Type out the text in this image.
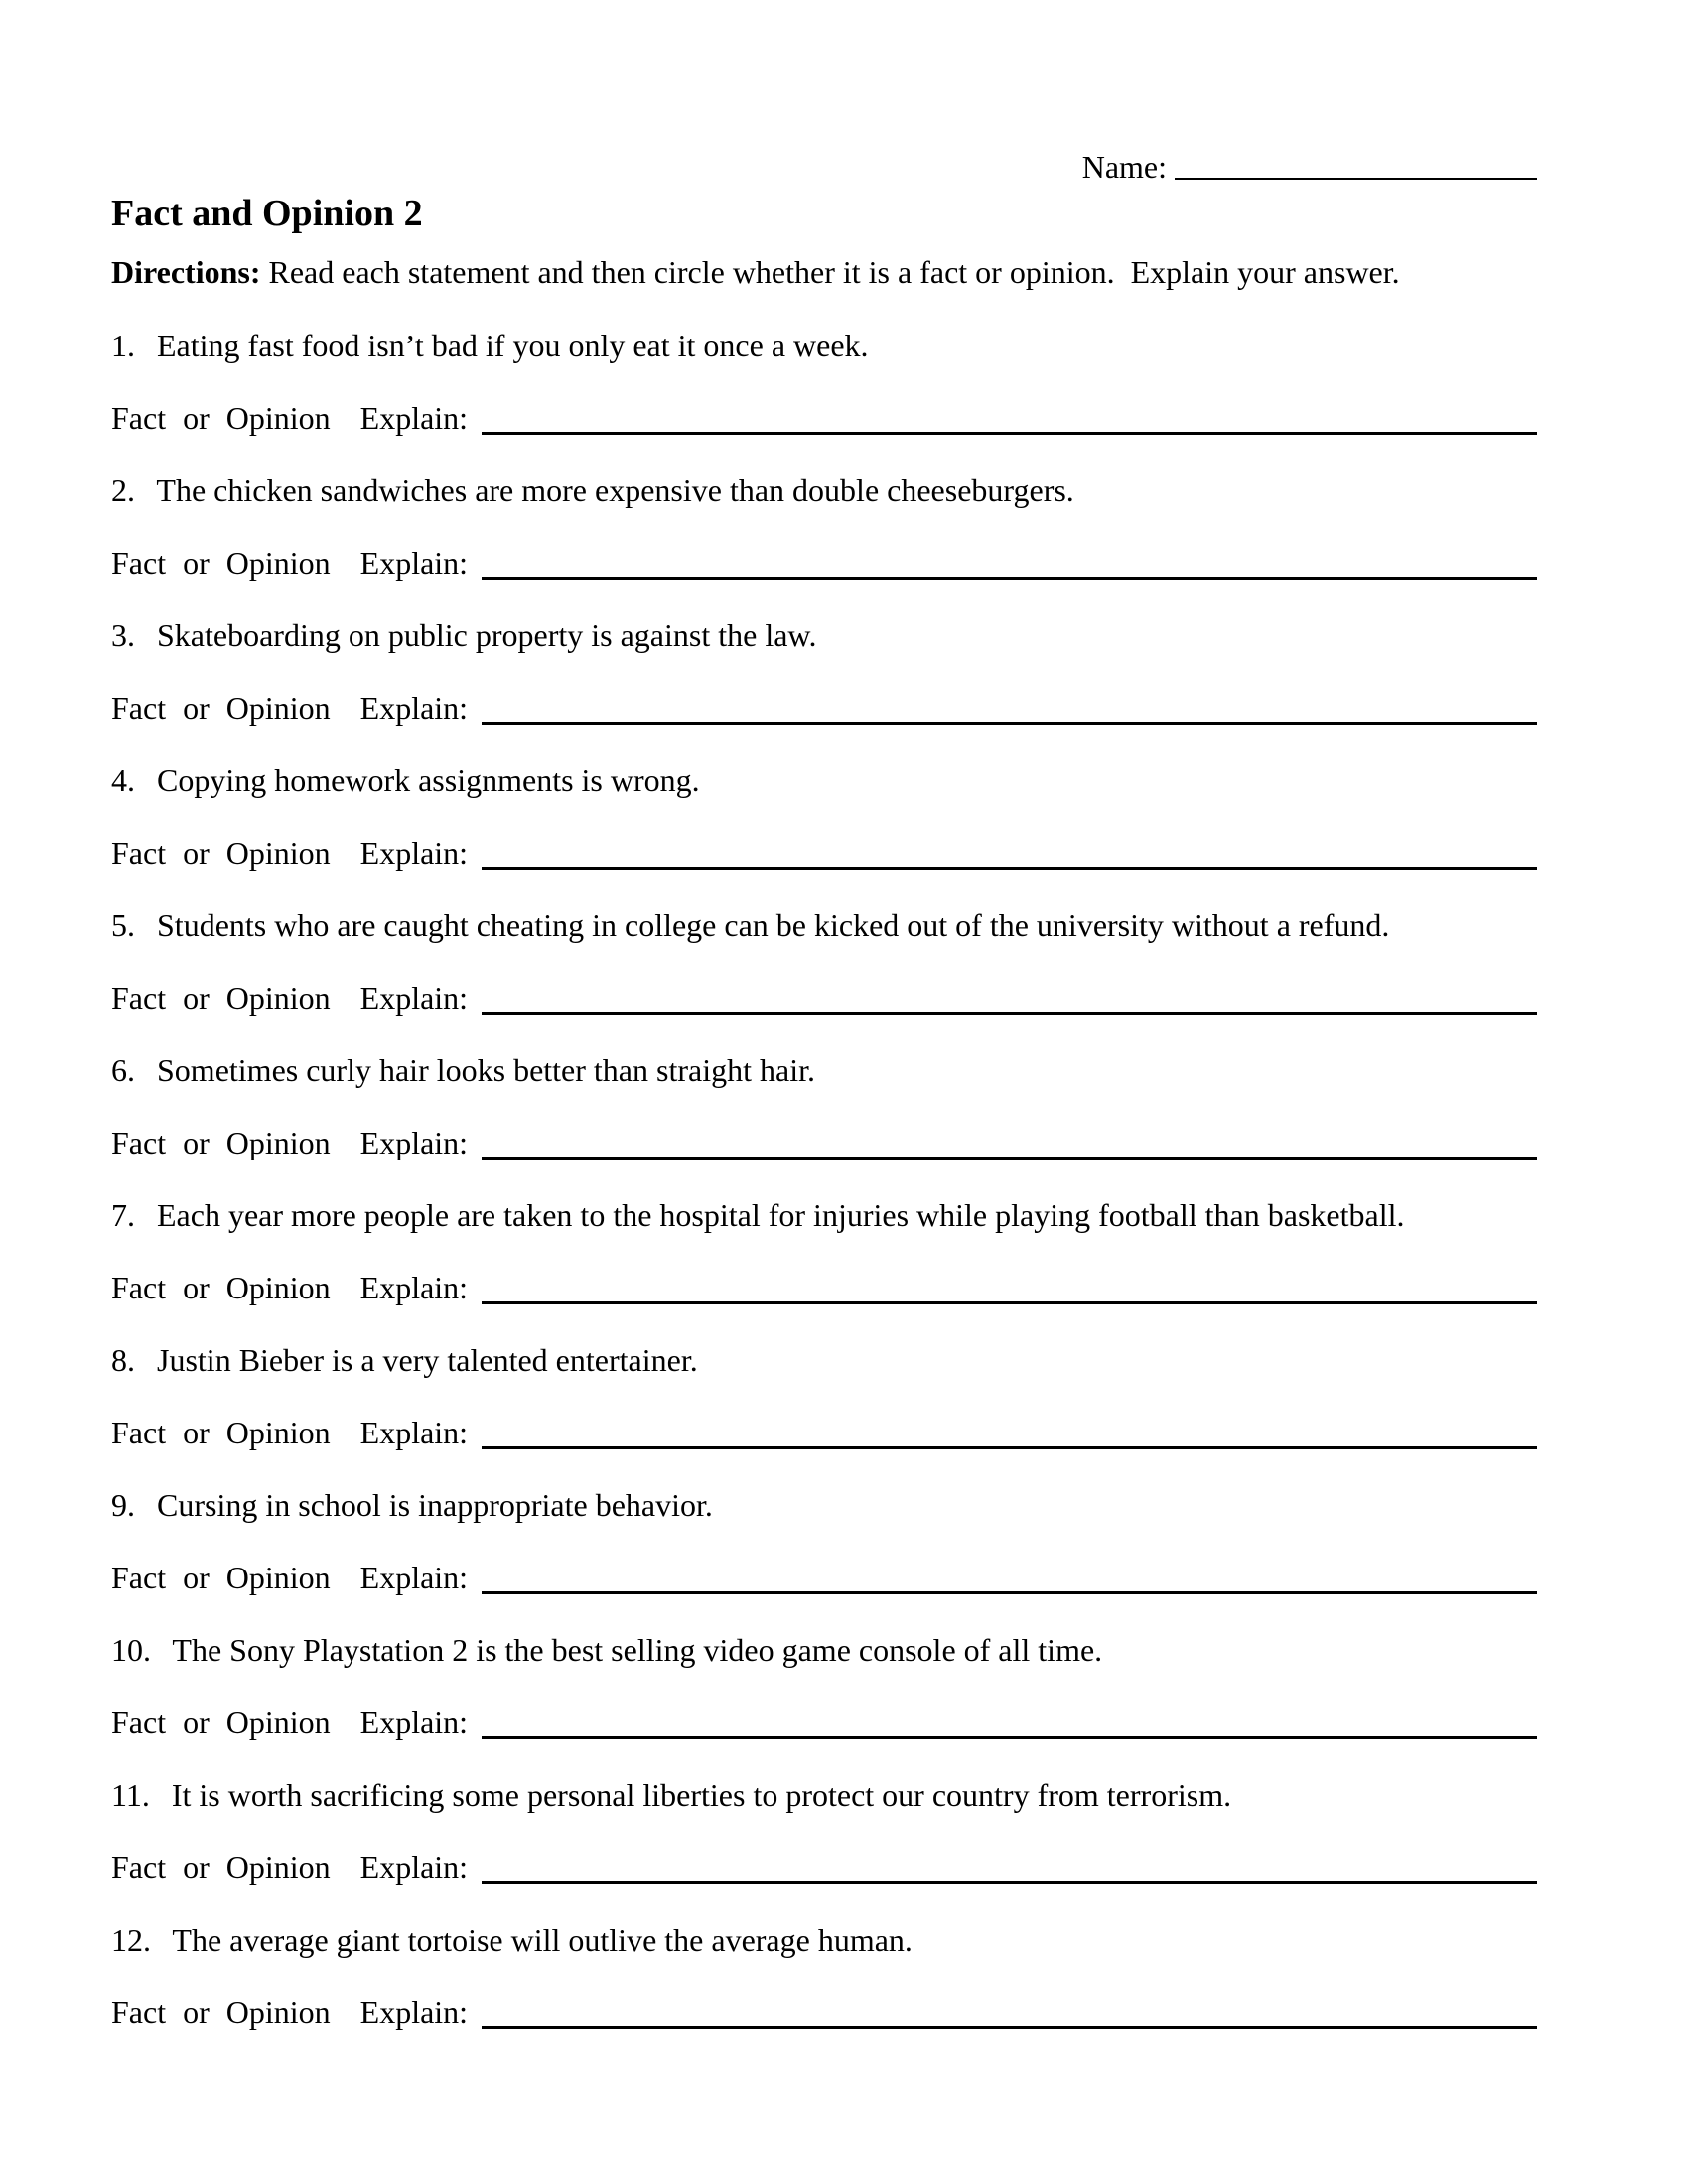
Name:
Fact and Opinion 2

Directions: Read each statement and then circle whether it is a fact or opinion.  Explain your answer.

1. Eating fast food isn’t bad if you only eat it once a week.

Fact or Opinion Explain:

2. The chicken sandwiches are more expensive than double cheeseburgers.

Fact or Opinion Explain:

3. Skateboarding on public property is against the law.

Fact or Opinion Explain:

4. Copying homework assignments is wrong.

Fact or Opinion Explain:

5. Students who are caught cheating in college can be kicked out of the university without a refund.

Fact or Opinion Explain:

6. Sometimes curly hair looks better than straight hair.

Fact or Opinion Explain:

7. Each year more people are taken to the hospital for injuries while playing football than basketball.

Fact or Opinion Explain:

8. Justin Bieber is a very talented entertainer.

Fact or Opinion Explain:

9. Cursing in school is inappropriate behavior.

Fact or Opinion Explain:

10. The Sony Playstation 2 is the best selling video game console of all time.

Fact or Opinion Explain:

11. It is worth sacrificing some personal liberties to protect our country from terrorism.

Fact or Opinion Explain:

12. The average giant tortoise will outlive the average human.

Fact or Opinion Explain:
